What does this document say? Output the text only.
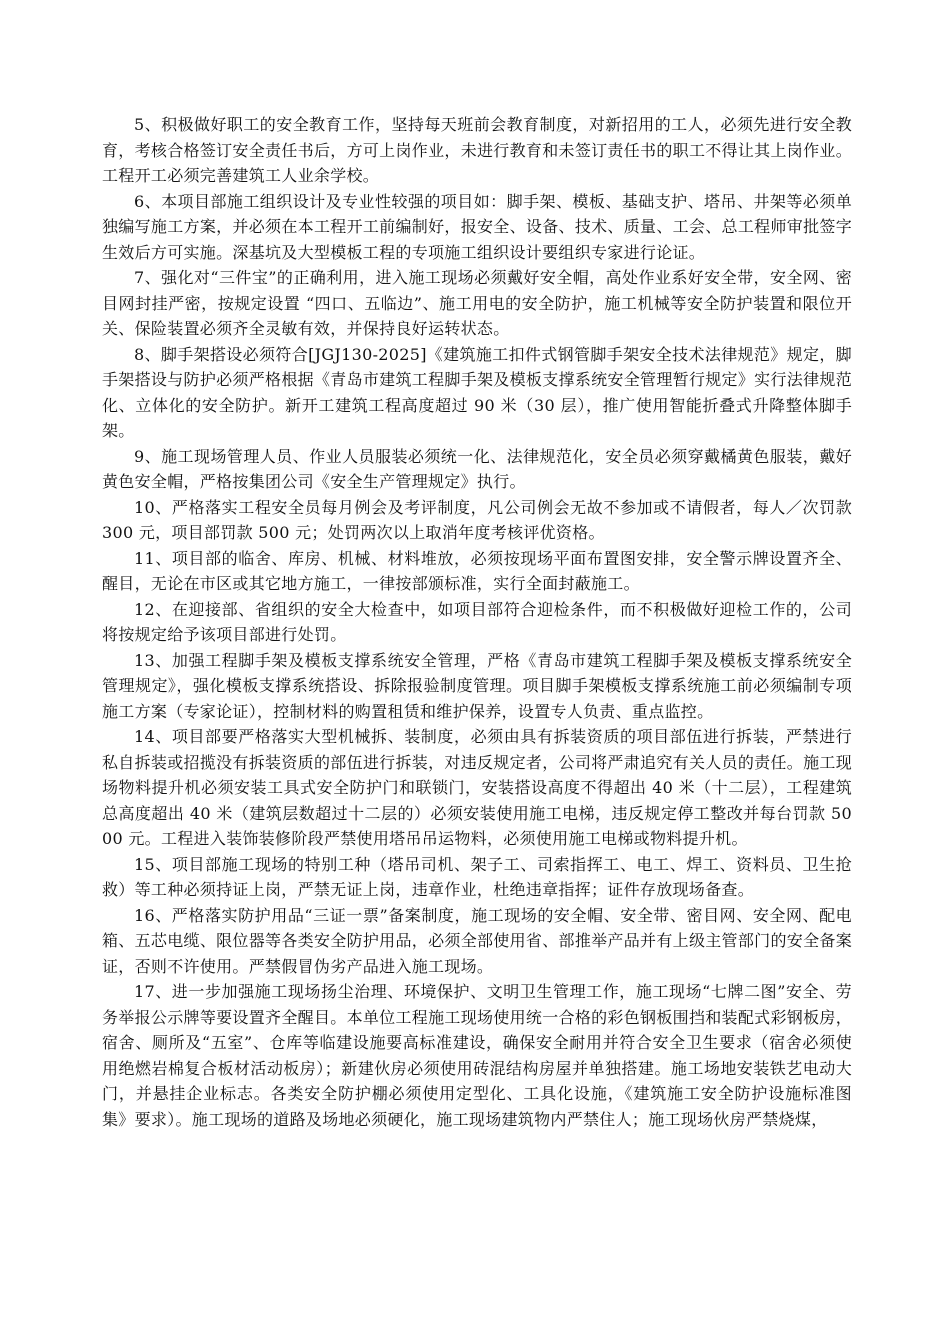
5、积极做好职工的安全教育工作，坚持每天班前会教育制度，对新招用的工人，必须先进行安全教育，考核合格签订安全责任书后，方可上岗作业，未进行教育和未签订责任书的职工不得让其上岗作业。工程开工必须完善建筑工人业余学校。

6、本项目部施工组织设计及专业性较强的项目如：脚手架、模板、基础支护、塔吊、井架等必须单独编写施工方案，并必须在本工程开工前编制好，报安全、设备、技术、质量、工会、总工程师审批签字生效后方可实施。深基坑及大型模板工程的专项施工组织设计要组织专家进行论证。

7、强化对“三件宝”的正确利用，进入施工现场必须戴好安全帽，高处作业系好安全带，安全网、密目网封挂严密，按规定设置 “四口、五临边”、施工用电的安全防护，施工机械等安全防护装置和限位开关、保险装置必须齐全灵敏有效，并保持良好运转状态。

8、脚手架搭设必须符合[JGJ130-2025]《建筑施工扣件式钢管脚手架安全技术法律规范》规定，脚手架搭设与防护必须严格根据《青岛市建筑工程脚手架及模板支撑系统安全管理暂行规定》实行法律规范化、立体化的安全防护。新开工建筑工程高度超过 90 米（30 层），推广使用智能折叠式升降整体脚手架。

9、施工现场管理人员、作业人员服装必须统一化、法律规范化，安全员必须穿戴橘黄色服装，戴好黄色安全帽，严格按集团公司《安全生产管理规定》执行。

10、严格落实工程安全员每月例会及考评制度，凡公司例会无故不参加或不请假者，每人／次罚款 300 元，项目部罚款 500 元；处罚两次以上取消年度考核评优资格。

11、项目部的临舍、库房、机械、材料堆放，必须按现场平面布置图安排，安全警示牌设置齐全、醒目，无论在市区或其它地方施工，一律按部颁标准，实行全面封蔽施工。

12、在迎接部、省组织的安全大检查中，如项目部符合迎检条件，而不积极做好迎检工作的，公司将按规定给予该项目部进行处罚。

13、加强工程脚手架及模板支撑系统安全管理，严格《青岛市建筑工程脚手架及模板支撑系统安全管理规定》，强化模板支撑系统搭设、拆除报验制度管理。项目脚手架模板支撑系统施工前必须编制专项施工方案（专家论证），控制材料的购置租赁和维护保养，设置专人负责、重点监控。

14、项目部要严格落实大型机械拆、装制度，必须由具有拆装资质的项目部伍进行拆装，严禁进行私自拆装或招揽没有拆装资质的部伍进行拆装，对违反规定者，公司将严肃追究有关人员的责任。施工现场物料提升机必须安装工具式安全防护门和联锁门，安装搭设高度不得超出 40 米（十二层），工程建筑总高度超出 40 米（建筑层数超过十二层的）必须安装使用施工电梯，违反规定停工整改并每台罚款 5000 元。工程进入装饰装修阶段严禁使用塔吊吊运物料，必须使用施工电梯或物料提升机。

15、项目部施工现场的特别工种（塔吊司机、架子工、司索指挥工、电工、焊工、资料员、卫生抢救）等工种必须持证上岗，严禁无证上岗，违章作业，杜绝违章指挥；证件存放现场备查。

16、严格落实防护用品“三证一票”备案制度，施工现场的安全帽、安全带、密目网、安全网、配电箱、五芯电缆、限位器等各类安全防护用品，必须全部使用省、部推举产品并有上级主管部门的安全备案证，否则不许使用。严禁假冒伪劣产品进入施工现场。

17、进一步加强施工现场扬尘治理、环境保护、文明卫生管理工作，施工现场“七牌二图”安全、劳务举报公示牌等要设置齐全醒目。本单位工程施工现场使用统一合格的彩色钢板围挡和装配式彩钢板房，宿舍、厕所及“五室”、仓库等临建设施要高标准建设，确保安全耐用并符合安全卫生要求（宿舍必须使用绝燃岩棉复合板材活动板房）；新建伙房必须使用砖混结构房屋并单独搭建。施工场地安装铁艺电动大门，并悬挂企业标志。各类安全防护棚必须使用定型化、工具化设施，《建筑施工安全防护设施标准图集》要求）。施工现场的道路及场地必须硬化，施工现场建筑物内严禁住人；施工现场伙房严禁烧煤，
